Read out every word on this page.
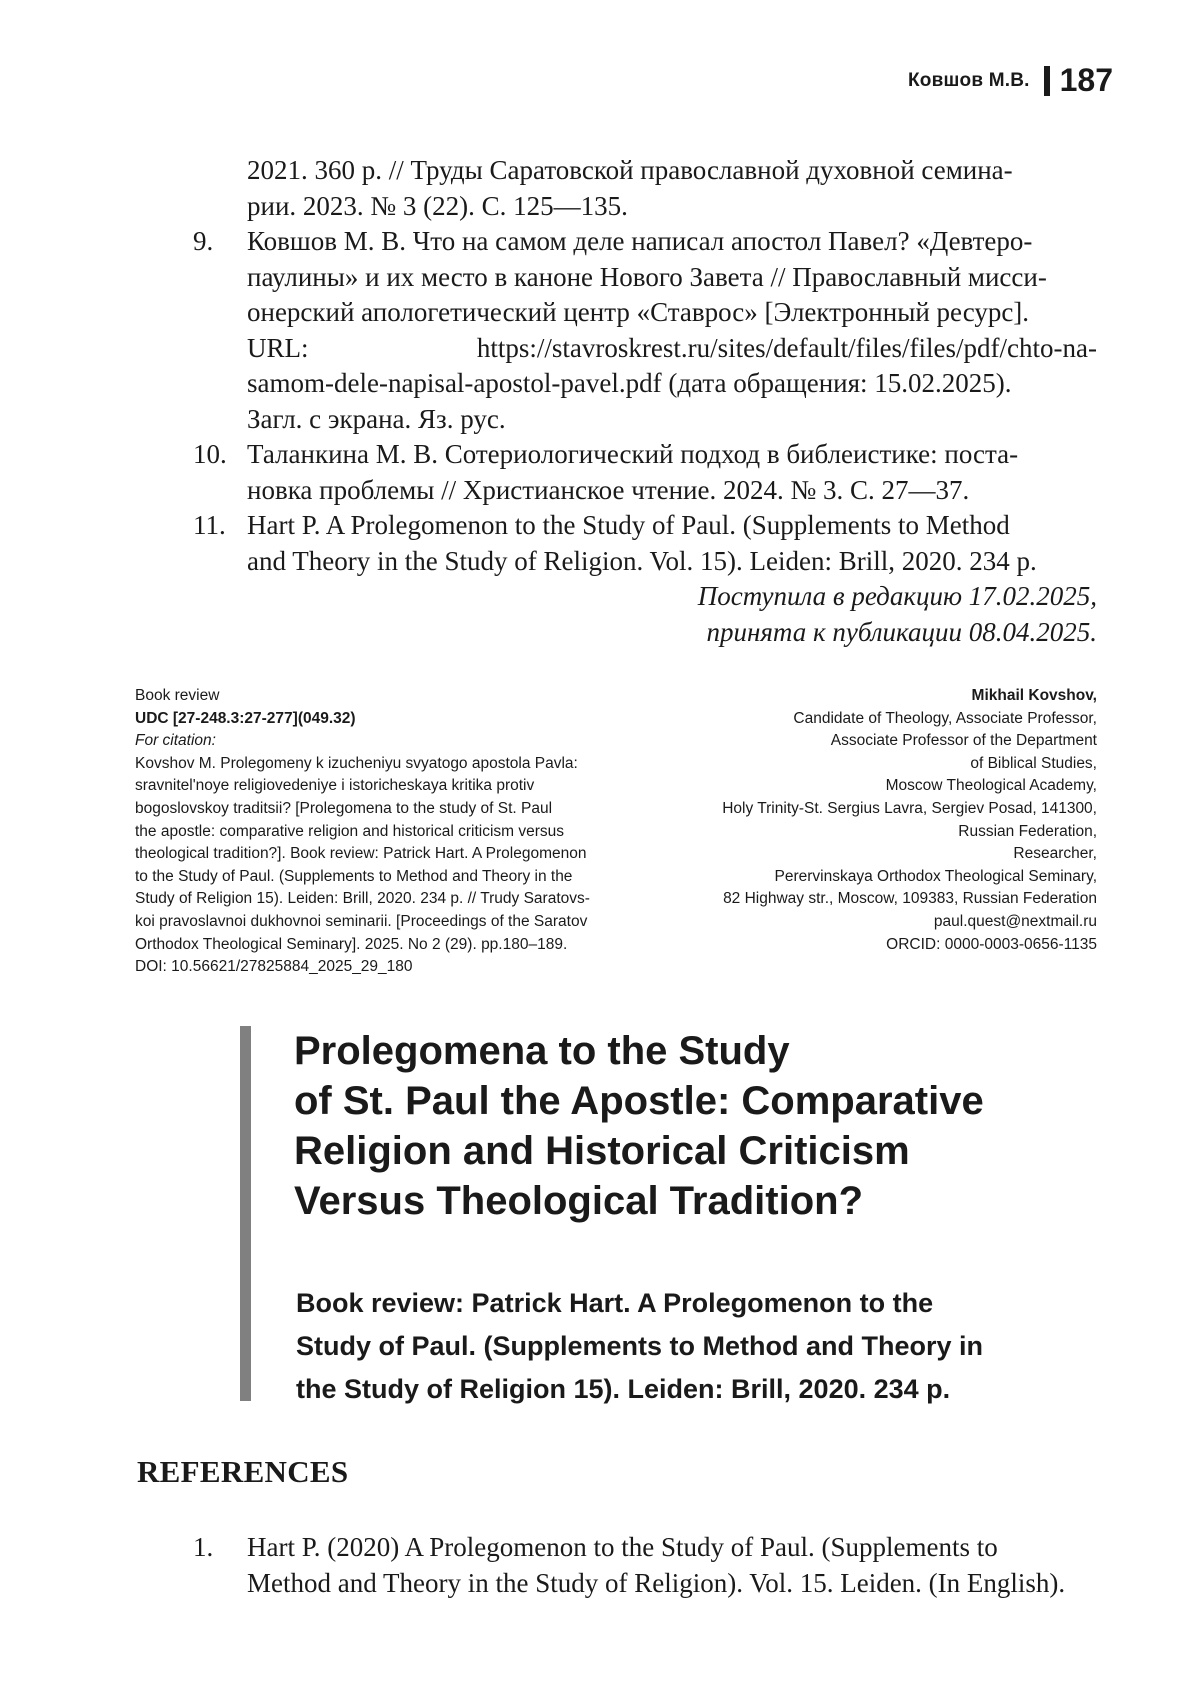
Ковшов М.В. 187
2021. 360 p. // Труды Саратовской православной духовной семина-
рии. 2023. № 3 (22). С. 125—135.
9. Ковшов М. В. Что на самом деле написал апостол Павел? «Девтеро-
паулины» и их место в каноне Нового Завета // Православный мисси-
онерский апологетический центр «Ставрос» [Электронный ресурс].
URL:	https://stavroskrest.ru/sites/default/files/files/pdf/chto-na-
samom-dele-napisal-apostol-pavel.pdf (дата обращения: 15.02.2025).
Загл. с экрана. Яз. рус.
10. Таланкина М. В. Сотериологический подход в библеистике: поста-
новка проблемы // Христианское чтение. 2024. № 3. С. 27—37.
11. Hart P. A Prolegomenon to the Study of Paul. (Supplements to Method
and Theory in the Study of Religion. Vol. 15). Leiden: Brill, 2020. 234 p.
Поступила в редакцию 17.02.2025,
принята к публикации 08.04.2025.
Book review
UDC [27-248.3:27-277](049.32)
For citation:
Kovshov M. Prolegomeny k izucheniyu svyatogo apostola Pavla:
sravnitel'noye religiovedeniye i istoricheskaya kritika protiv
bogoslovskoy traditsii? [Prolegomena to the study of St. Paul
the apostle: comparative religion and historical criticism versus
theological tradition?]. Book review: Patrick Hart. A Prolegomenon
to the Study of Paul. (Supplements to Method and Theory in the
Study of Religion 15). Leiden: Brill, 2020. 234 p. // Trudy Saratovs-
koi pravoslavnoi dukhovnoi seminarii. [Proceedings of the Saratov
Orthodox Theological Seminary]. 2025. No 2 (29). pp.180–189.
DOI: 10.56621/27825884_2025_29_180
Mikhail Kovshov,
Candidate of Theology, Associate Professor,
Associate Professor of the Department
of Biblical Studies,
Moscow Theological Academy,
Holy Trinity-St. Sergius Lavra, Sergiev Posad, 141300,
Russian Federation,
Researcher,
Perervinskaya Orthodox Theological Seminary,
82 Highway str., Moscow, 109383, Russian Federation
paul.quest@nextmail.ru
ORCID: 0000-0003-0656-1135
Prolegomena to the Study
of St. Paul the Apostle: Comparative
Religion and Historical Criticism
Versus Theological Tradition?
Book review: Patrick Hart. A Prolegomenon to the
Study of Paul. (Supplements to Method and Theory in
the Study of Religion 15). Leiden: Brill, 2020. 234 p.
REFERENCES
1. Hart P. (2020) A Prolegomenon to the Study of Paul. (Supplements to
Method and Theory in the Study of Religion). Vol. 15. Leiden. (In English).
